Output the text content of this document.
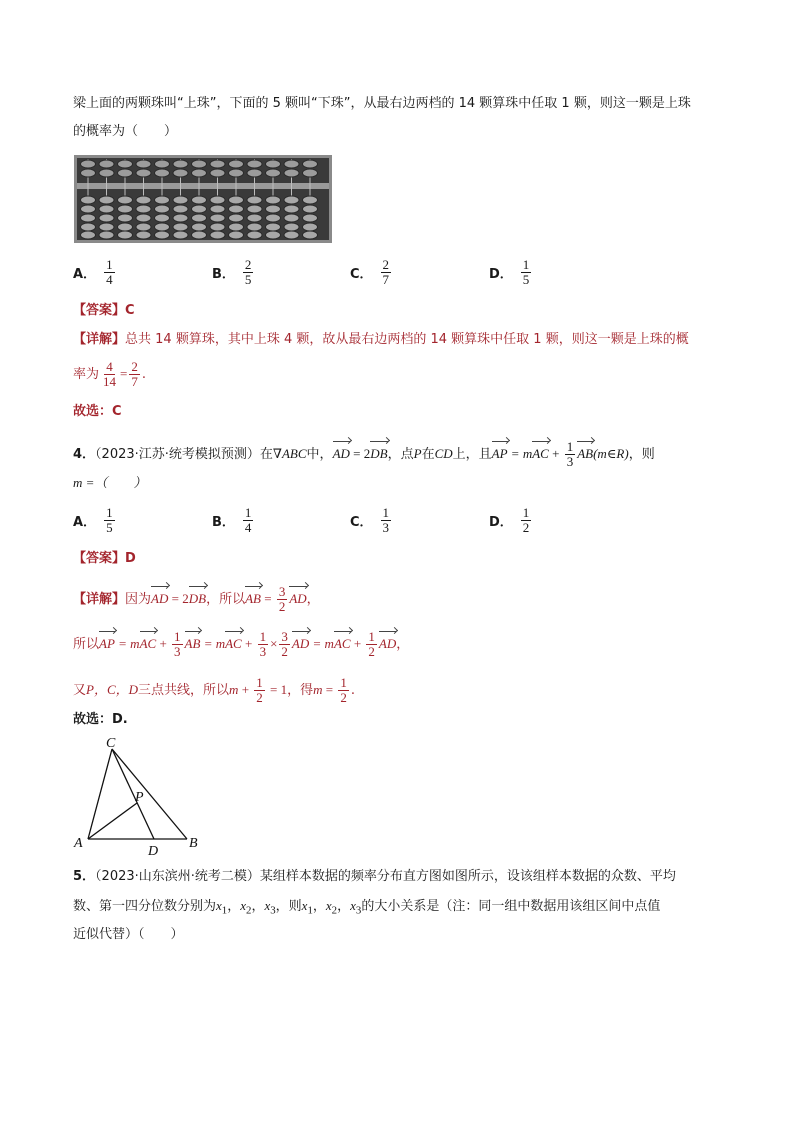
梁上面的两颗珠叫“上珠”，下面的 5 颗叫“下珠”，从最右边两档的 14 颗算珠中任取 1 颗，则这一颗是上珠
的概率为（　　）
A． $\frac{1}{4}$	B． $\frac{2}{5}$	C． $\frac{2}{7}$	D． $\frac{1}{5}$
【答案】C
【详解】总共 14 颗算珠，其中上珠 4 颗，故从最右边两档的 14 颗算珠中任取 1 颗，则这一颗是上珠的概
率为 $\frac{4}{14} = \frac{2}{7}$ .
故选：C
4．（2023·江苏·统考模拟预测）在∇ABC中，AD = 2DB，点P在CD上，且AP = mAC + $\frac{1}{3}$ AB(m∈R)，则
m =（　　）
A． $\frac{1}{5}$	B． $\frac{1}{4}$	C． $\frac{1}{3}$	D． $\frac{1}{2}$
【答案】D
【详解】因为AD = 2DB，所以AB = $\frac{3}{2}$ AD，
所以AP = mAC + $\frac{1}{3}$ AB = mAC + $\frac{1}{3} \times \frac{3}{2}$ AD = mAC + $\frac{1}{2}$ AD，
又P，C，D三点共线，所以$m + \frac{1}{2} = 1$，得$m = \frac{1}{2}$ .
故选：D.
C
P
A
D
B
5．（2023·山东滨州·统考二模）某组样本数据的频率分布直方图如图所示，设该组样本数据的众数、平均
数、第一四分位数分别为$x_1$，$x_2$，$x_3$，则$x_1$，$x_2$，$x_3$的大小关系是（注：同一组中数据用该组区间中点值
近似代替）（　　）
